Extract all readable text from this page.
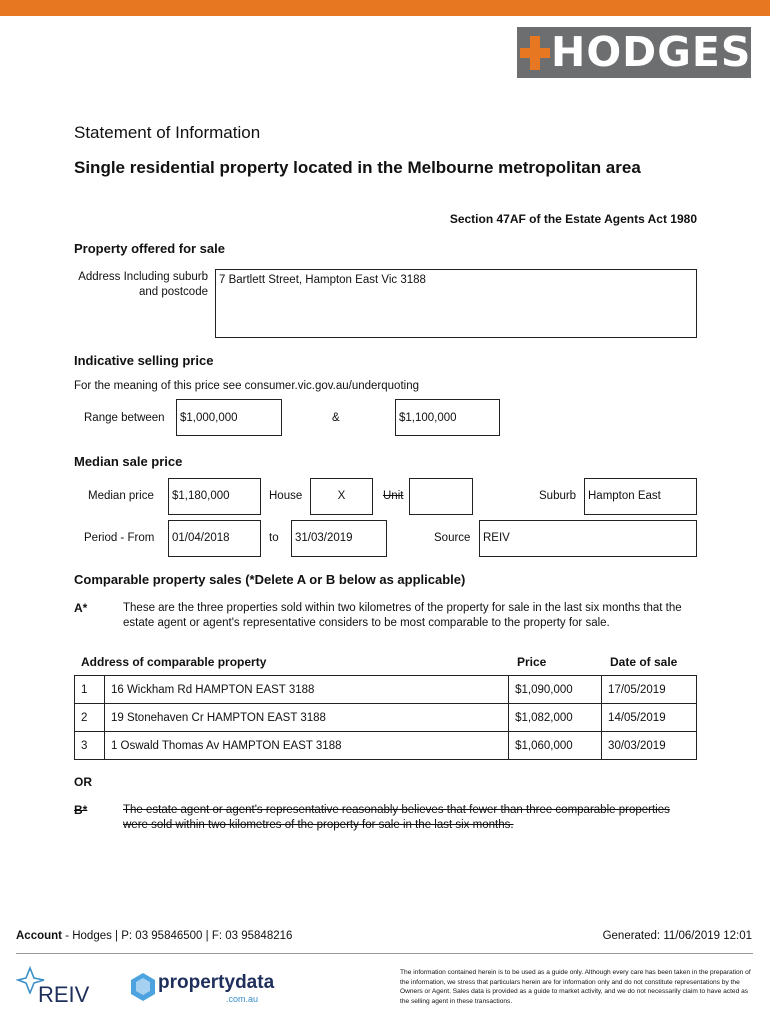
HODGES
Statement of Information
Single residential property located in the Melbourne metropolitan area
Section 47AF of the Estate Agents Act 1980
Property offered for sale
Address Including suburb and postcode
7 Bartlett Street, Hampton East Vic 3188
Indicative selling price
For the meaning of this price see consumer.vic.gov.au/underquoting
Range between	$1,000,000	&	$1,100,000
Median sale price
Median price	$1,180,000	House	X	Unit	Suburb	Hampton East
Period - From	01/04/2018	to	31/03/2019	Source	REIV
Comparable property sales (*Delete A or B below as applicable)
A*	These are the three properties sold within two kilometres of the property for sale in the last six months that the estate agent or agent's representative considers to be most comparable to the property for sale.
Address of comparable property	Price	Date of sale
1	16 Wickham Rd HAMPTON EAST 3188	$1,090,000	17/05/2019
2	19 Stonehaven Cr HAMPTON EAST 3188	$1,082,000	14/05/2019
3	1 Oswald Thomas Av HAMPTON EAST 3188	$1,060,000	30/03/2019
OR
B*	The estate agent or agent's representative reasonably believes that fewer than three comparable properties were sold within two kilometres of the property for sale in the last six months.
Account - Hodges | P: 03 95846500 | F: 03 95848216	Generated: 11/06/2019 12:01
REIV	propertydata
.com.au
The information contained herein is to be used as a guide only. Although every care has been taken in the preparation of the information, we stress that particulars herein are for information only and do not constitute representations by the Owners or Agent. Sales data is provided as a guide to market activity, and we do not necessarily claim to have acted as the selling agent in these transactions.
